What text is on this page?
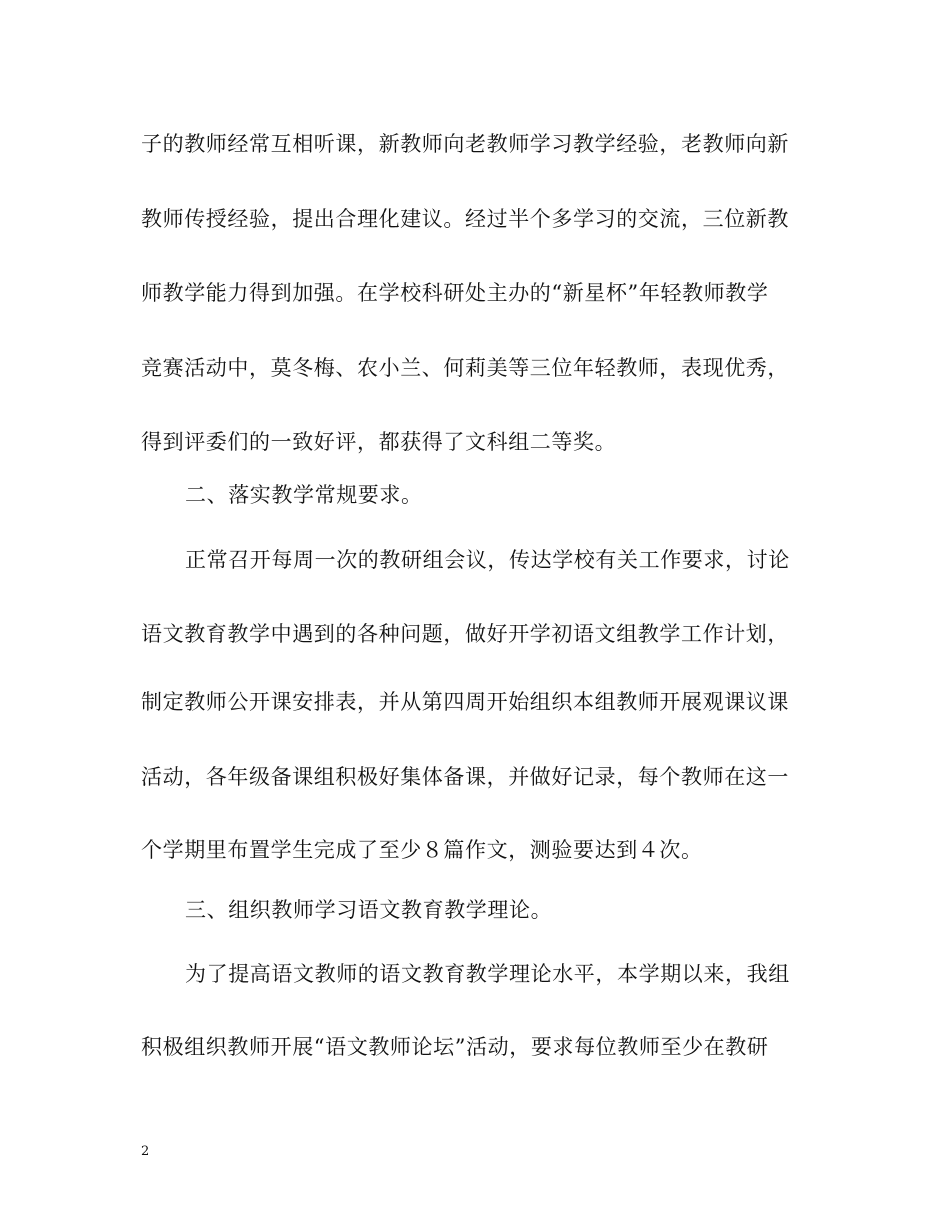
子的教师经常互相听课，新教师向老教师学习教学经验，老教师向新
教师传授经验，提出合理化建议。经过半个多学习的交流，三位新教
师教学能力得到加强。在学校科研处主办的“新星杯”年轻教师教学
竞赛活动中，莫冬梅、农小兰、何莉美等三位年轻教师，表现优秀，
得到评委们的一致好评，都获得了文科组二等奖。
二、落实教学常规要求。
正常召开每周一次的教研组会议，传达学校有关工作要求，讨论
语文教育教学中遇到的各种问题，做好开学初语文组教学工作计划，
制定教师公开课安排表，并从第四周开始组织本组教师开展观课议课
活动，各年级备课组积极好集体备课，并做好记录，每个教师在这一
个学期里布置学生完成了至少８篇作文，测验要达到４次。
三、组织教师学习语文教育教学理论。
为了提高语文教师的语文教育教学理论水平，本学期以来，我组
积极组织教师开展“语文教师论坛”活动，要求每位教师至少在教研
2
